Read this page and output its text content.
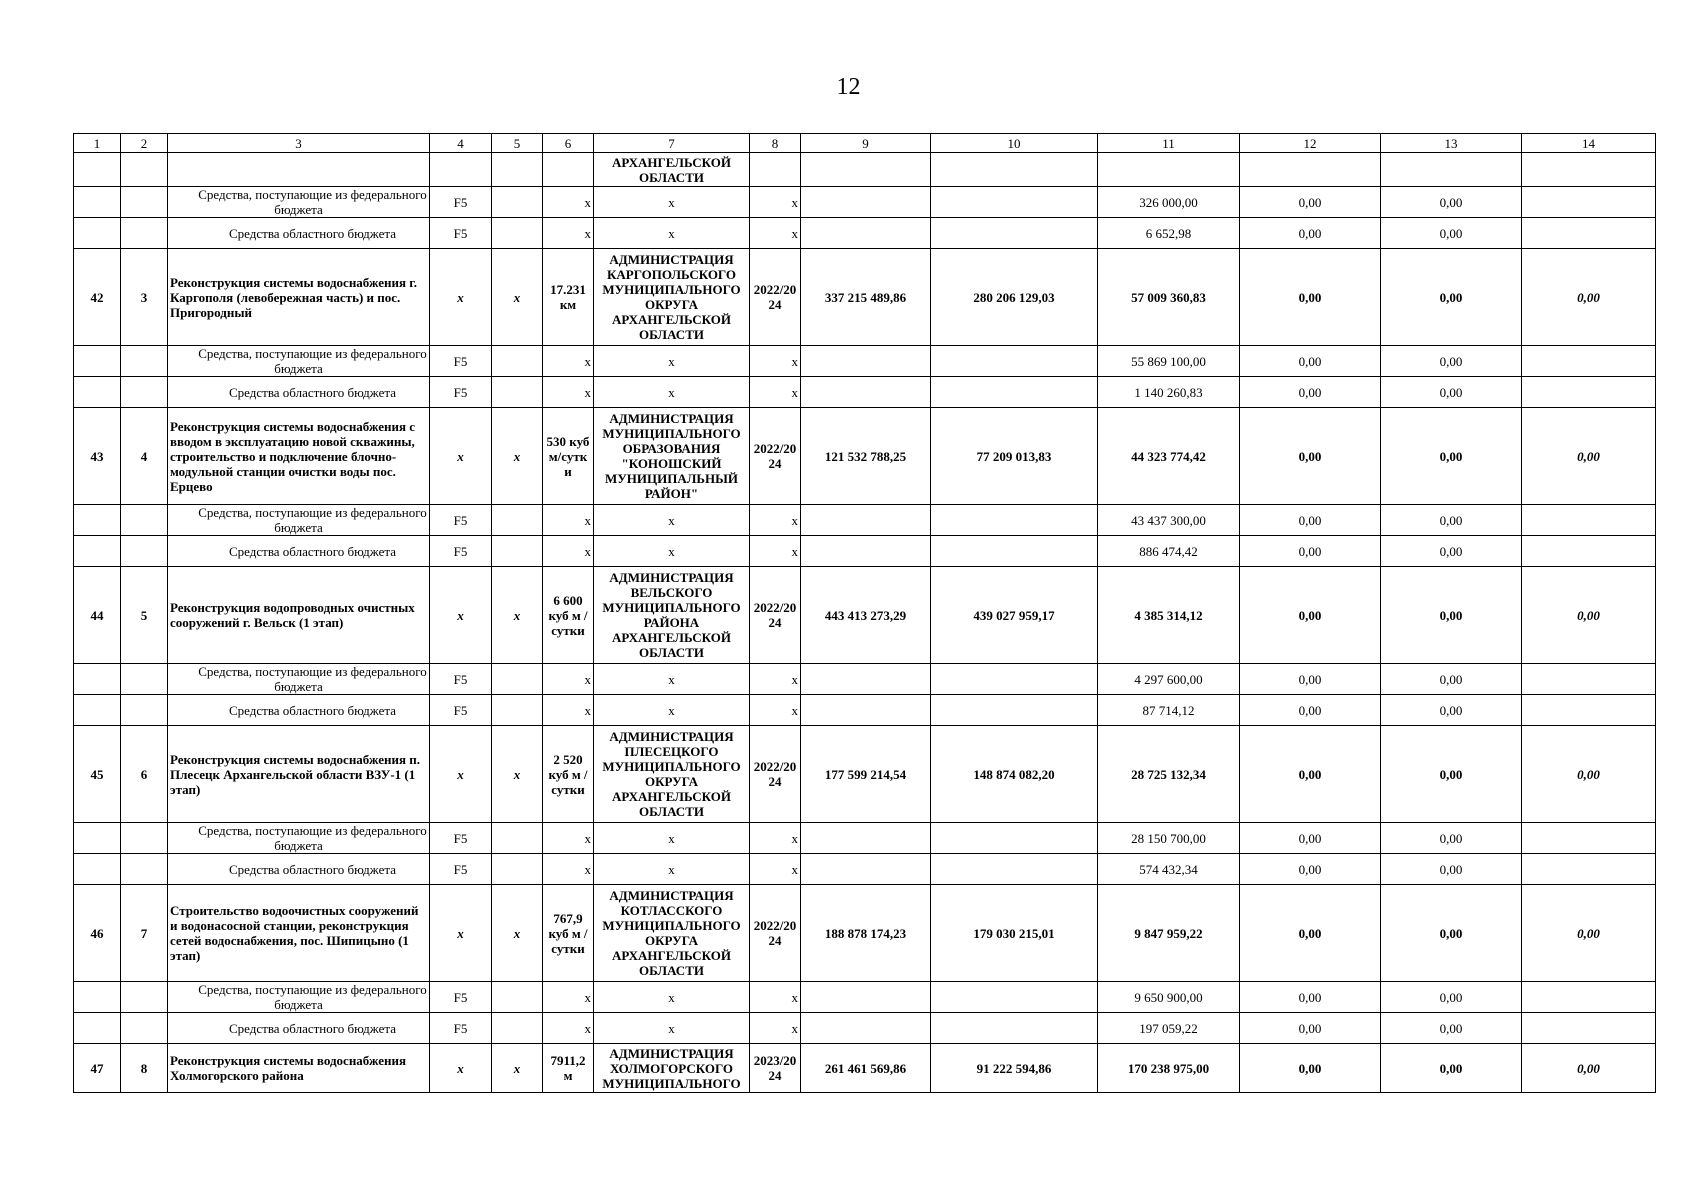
12
1	2	3	4	5	6	7	8	9	10	11	12	13	14
						АРХАНГЕЛЬСКОЙ ОБЛАСТИ							

		Средства, поступающие из федерального бюджета	F5		x	x	x			326 000,00	0,00	0,00	

		Средства областного бюджета	F5		x	x	x			6 652,98	0,00	0,00	
42	3	Реконструкция системы водоснабжения г. Каргополя (левобережная часть) и пос. Пригородный	x	x	17.231 км	АДМИНИСТРАЦИЯ КАРГОПОЛЬСКОГО МУНИЦИПАЛЬНОГО ОКРУГА АРХАНГЕЛЬСКОЙ ОБЛАСТИ	2022/20 24	337 215 489,86	280 206 129,03	57 009 360,83	0,00	0,00	0,00

		Средства, поступающие из федерального бюджета	F5		x	x	x			55 869 100,00	0,00	0,00	

		Средства областного бюджета	F5		x	x	x			1 140 260,83	0,00	0,00	
43	4	Реконструкция системы водоснабжения с вводом в эксплуатацию новой скважины, строительство и подключение блочно-модульной станции очистки воды пос. Ерцево	x	x	530 куб м/сутк и	АДМИНИСТРАЦИЯ МУНИЦИПАЛЬНОГО ОБРАЗОВАНИЯ "КОНОШСКИЙ МУНИЦИПАЛЬНЫЙ РАЙОН"	2022/20 24	121 532 788,25	77 209 013,83	44 323 774,42	0,00	0,00	0,00

		Средства, поступающие из федерального бюджета	F5		x	x	x			43 437 300,00	0,00	0,00	

		Средства областного бюджета	F5		x	x	x			886 474,42	0,00	0,00	
44	5	Реконструкция водопроводных очистных сооружений г. Вельск (1 этап)	x	x	6 600 куб м / сутки	АДМИНИСТРАЦИЯ ВЕЛЬСКОГО МУНИЦИПАЛЬНОГО РАЙОНА АРХАНГЕЛЬСКОЙ ОБЛАСТИ	2022/20 24	443 413 273,29	439 027 959,17	4 385 314,12	0,00	0,00	0,00

		Средства, поступающие из федерального бюджета	F5		x	x	x			4 297 600,00	0,00	0,00	

		Средства областного бюджета	F5		x	x	x			87 714,12	0,00	0,00	
45	6	Реконструкция системы водоснабжения п. Плесецк Архангельской области ВЗУ-1 (1 этап)	x	x	2 520 куб м / сутки	АДМИНИСТРАЦИЯ ПЛЕСЕЦКОГО МУНИЦИПАЛЬНОГО ОКРУГА АРХАНГЕЛЬСКОЙ ОБЛАСТИ	2022/20 24	177 599 214,54	148 874 082,20	28 725 132,34	0,00	0,00	0,00

		Средства, поступающие из федерального бюджета	F5		x	x	x			28 150 700,00	0,00	0,00	

		Средства областного бюджета	F5		x	x	x			574 432,34	0,00	0,00	
46	7	Строительство водоочистных сооружений и водонасосной станции, реконструкция сетей водоснабжения, пос. Шипицыно (1 этап)	x	x	767,9 куб м / сутки	АДМИНИСТРАЦИЯ КОТЛАССКОГО МУНИЦИПАЛЬНОГО ОКРУГА АРХАНГЕЛЬСКОЙ ОБЛАСТИ	2022/20 24	188 878 174,23	179 030 215,01	9 847 959,22	0,00	0,00	0,00

		Средства, поступающие из федерального бюджета	F5		x	x	x			9 650 900,00	0,00	0,00	

		Средства областного бюджета	F5		x	x	x			197 059,22	0,00	0,00	
47	8	Реконструкция системы водоснабжения Холмогорского района	x	x	7911,2 м	АДМИНИСТРАЦИЯ ХОЛМОГОРСКОГО МУНИЦИПАЛЬНОГО	2023/20 24	261 461 569,86	91 222 594,86	170 238 975,00	0,00	0,00	0,00
